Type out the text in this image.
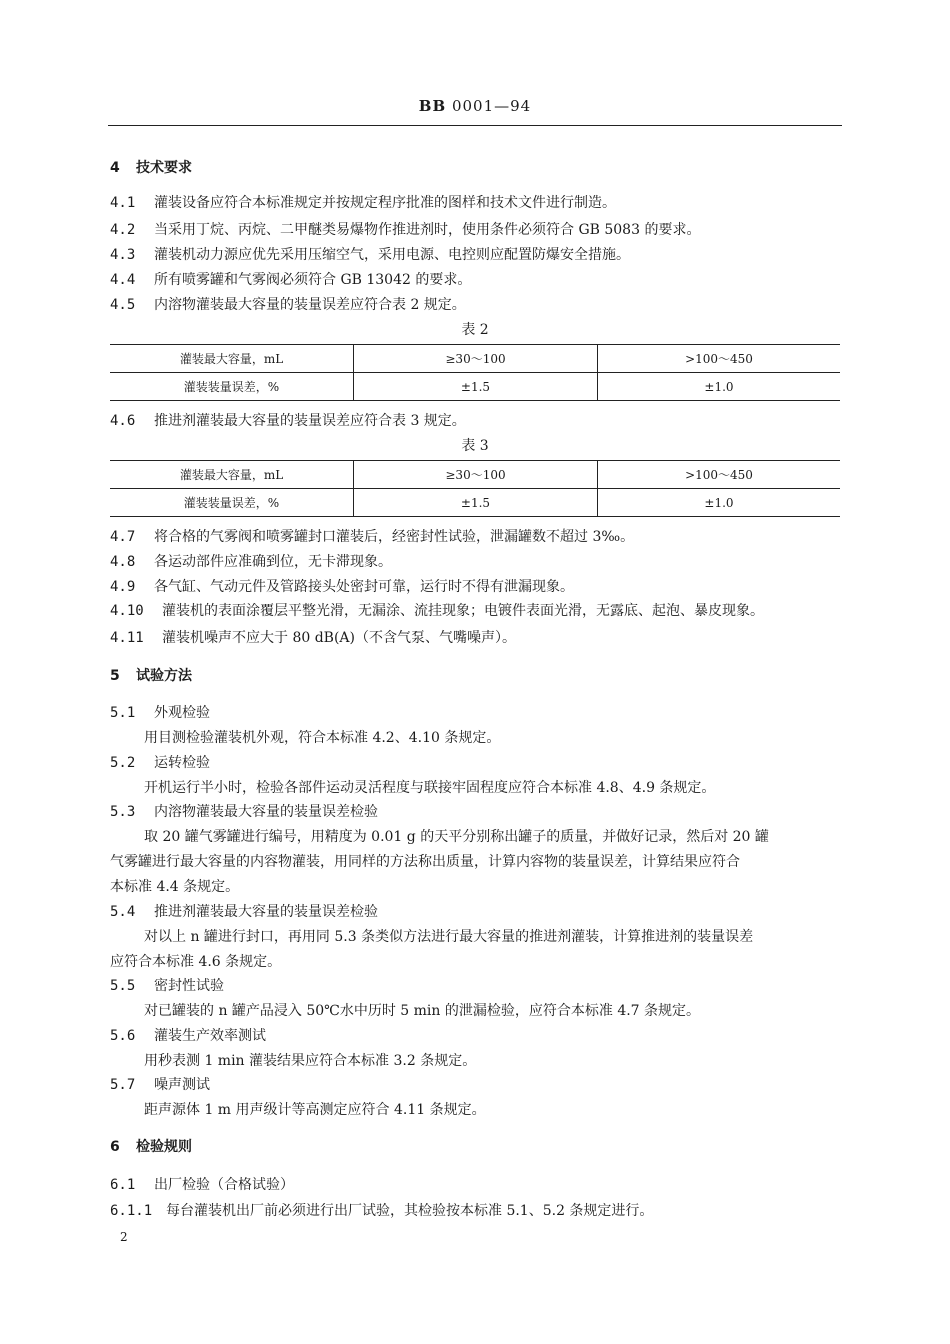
BB 0001—94
4 技术要求
4.1 灌装设备应符合本标准规定并按规定程序批准的图样和技术文件进行制造。
4.2 当采用丁烷、丙烷、二甲醚类易爆物作推进剂时，使用条件必须符合 GB 5083 的要求。
4.3 灌装机动力源应优先采用压缩空气，采用电源、电控则应配置防爆安全措施。
4.4 所有喷雾罐和气雾阀必须符合 GB 13042 的要求。
4.5 内溶物灌装最大容量的装量误差应符合表 2 规定。
表 2
灌装最大容量，mL	≥30～100	>100～450
灌装装量误差，%	±1.5	±1.0
4.6 推进剂灌装最大容量的装量误差应符合表 3 规定。
表 3
灌装最大容量，mL	≥30～100	>100～450
灌装装量误差，%	±1.5	±1.0
4.7 将合格的气雾阀和喷雾罐封口灌装后，经密封性试验，泄漏罐数不超过 3‰。
4.8 各运动部件应准确到位，无卡滞现象。
4.9 各气缸、气动元件及管路接头处密封可靠，运行时不得有泄漏现象。
4.10 灌装机的表面涂覆层平整光滑，无漏涂、流挂现象；电镀件表面光滑，无露底、起泡、暴皮现象。
4.11 灌装机噪声不应大于 80 dB(A)（不含气泵、气嘴噪声）。
5 试验方法
5.1 外观检验
用目测检验灌装机外观，符合本标准 4.2、4.10 条规定。
5.2 运转检验
开机运行半小时，检验各部件运动灵活程度与联接牢固程度应符合本标准 4.8、4.9 条规定。
5.3 内溶物灌装最大容量的装量误差检验
取 20 罐气雾罐进行编号，用精度为 0.01 g 的天平分别称出罐子的质量，并做好记录，然后对 20 罐
气雾罐进行最大容量的内容物灌装，用同样的方法称出质量，计算内容物的装量误差，计算结果应符合
本标准 4.4 条规定。
5.4 推进剂灌装最大容量的装量误差检验
对以上 n 罐进行封口，再用同 5.3 条类似方法进行最大容量的推进剂灌装，计算推进剂的装量误差
应符合本标准 4.6 条规定。
5.5 密封性试验
对已罐装的 n 罐产品浸入 50℃水中历时 5 min 的泄漏检验，应符合本标准 4.7 条规定。
5.6 灌装生产效率测试
用秒表测 1 min 灌装结果应符合本标准 3.2 条规定。
5.7 噪声测试
距声源体 1 m 用声级计等高测定应符合 4.11 条规定。
6 检验规则
6.1 出厂检验（合格试验）
6.1.1 每台灌装机出厂前必须进行出厂试验，其检验按本标准 5.1、5.2 条规定进行。
2
